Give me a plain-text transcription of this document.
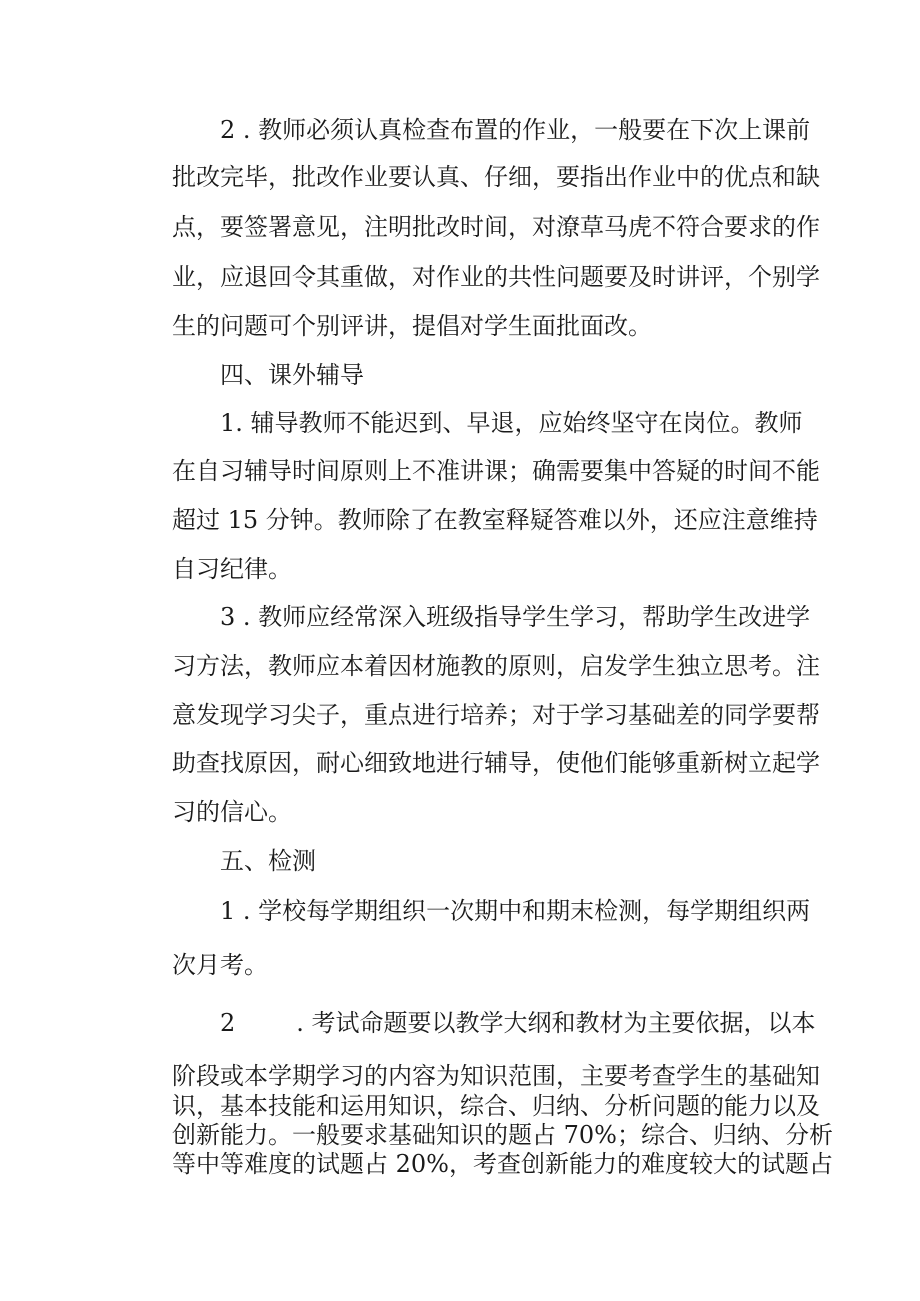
2 . 教师必须认真检查布置的作业，一般要在下次上课前
批改完毕，批改作业要认真、仔细，要指出作业中的优点和缺
点，要签署意见，注明批改时间，对潦草马虎不符合要求的作
业，应退回令其重做，对作业的共性问题要及时讲评，个别学
生的问题可个别评讲，提倡对学生面批面改。
四、课外辅导
1. 辅导教师不能迟到、早退，应始终坚守在岗位。教师
在自习辅导时间原则上不准讲课；确需要集中答疑的时间不能
超过 15 分钟。教师除了在教室释疑答难以外，还应注意维持
自习纪律。
3 . 教师应经常深入班级指导学生学习，帮助学生改进学
习方法，教师应本着因材施教的原则，启发学生独立思考。注
意发现学习尖子，重点进行培养；对于学习基础差的同学要帮
助查找原因，耐心细致地进行辅导，使他们能够重新树立起学
习的信心。
五、检测
1 . 学校每学期组织一次期中和期末检测，每学期组织两
次月考。
2        . 考试命题要以教学大纲和教材为主要依据，以本
阶段或本学期学习的内容为知识范围，主要考查学生的基础知
识，基本技能和运用知识，综合、归纳、分析问题的能力以及
创新能力。一般要求基础知识的题占 70%；综合、归纳、分析
等中等难度的试题占 20%，考查创新能力的难度较大的试题占
